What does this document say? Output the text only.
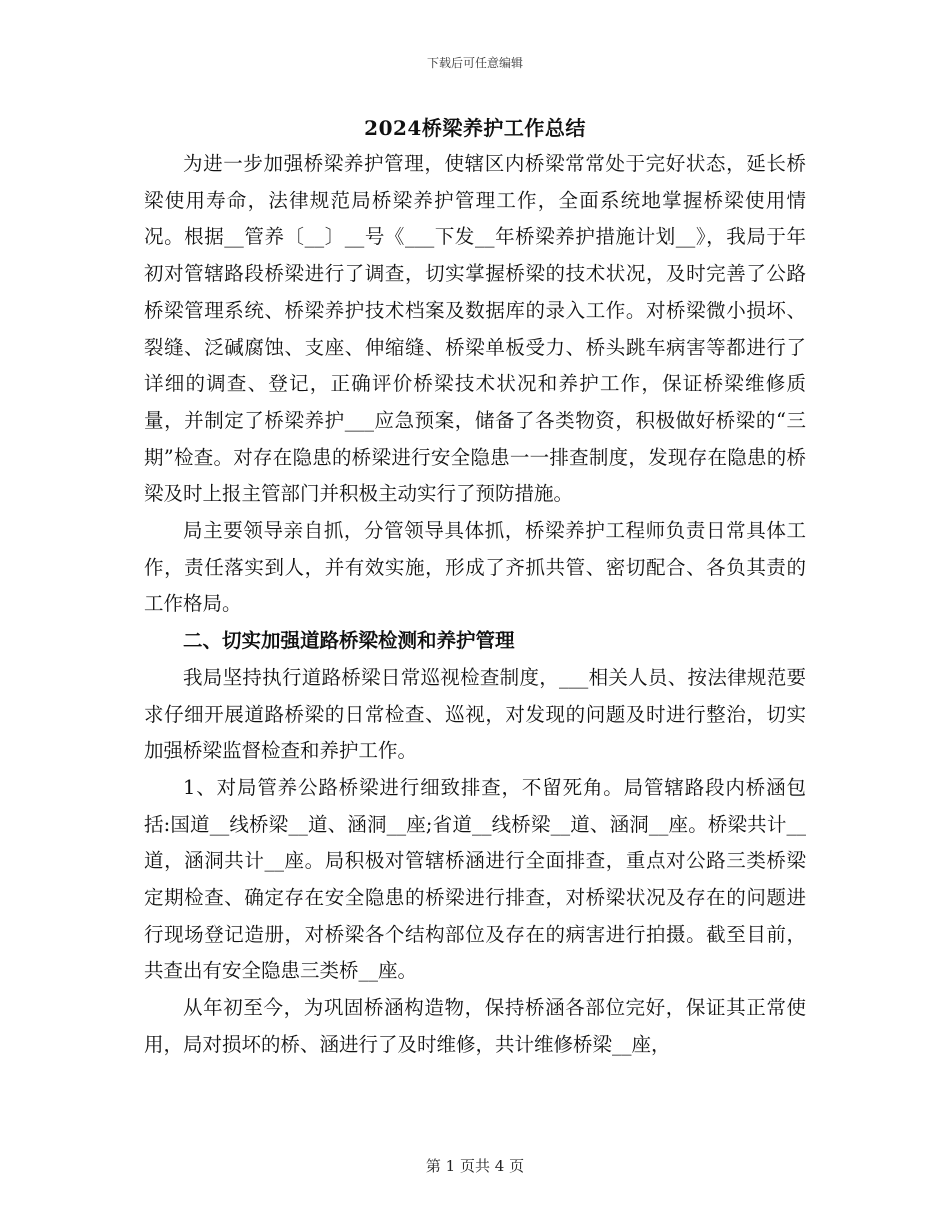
下载后可任意编辑
2024桥梁养护工作总结

为进一步加强桥梁养护管理，使辖区内桥梁常常处于完好状态，延长桥梁使用寿命，法律规范局桥梁养护管理工作，全面系统地掌握桥梁使用情况。根据__管养〔__〕__号《___下发__年桥梁养护措施计划__》，我局于年初对管辖路段桥梁进行了调查，切实掌握桥梁的技术状况，及时完善了公路桥梁管理系统、桥梁养护技术档案及数据库的录入工作。对桥梁微小损坏、裂缝、泛碱腐蚀、支座、伸缩缝、桥梁单板受力、桥头跳车病害等都进行了详细的调查、登记，正确评价桥梁技术状况和养护工作，保证桥梁维修质量，并制定了桥梁养护___应急预案，储备了各类物资，积极做好桥梁的“三期”检查。对存在隐患的桥梁进行安全隐患一一排查制度，发现存在隐患的桥梁及时上报主管部门并积极主动实行了预防措施。

局主要领导亲自抓，分管领导具体抓，桥梁养护工程师负责日常具体工作，责任落实到人，并有效实施，形成了齐抓共管、密切配合、各负其责的工作格局。

二、切实加强道路桥梁检测和养护管理

我局坚持执行道路桥梁日常巡视检查制度，___相关人员、按法律规范要求仔细开展道路桥梁的日常检查、巡视，对发现的问题及时进行整治，切实加强桥梁监督检查和养护工作。

1、对局管养公路桥梁进行细致排查，不留死角。局管辖路段内桥涵包括:国道__线桥梁__道、涵洞__座;省道__线桥梁__道、涵洞__座。桥梁共计__道，涵洞共计__座。局积极对管辖桥涵进行全面排查，重点对公路三类桥梁定期检查、确定存在安全隐患的桥梁进行排查，对桥梁状况及存在的问题进行现场登记造册，对桥梁各个结构部位及存在的病害进行拍摄。截至目前，共查出有安全隐患三类桥__座。

从年初至今，为巩固桥涵构造物，保持桥涵各部位完好，保证其正常使用，局对损坏的桥、涵进行了及时维修，共计维修桥梁__座，

第 1 页共 4 页
